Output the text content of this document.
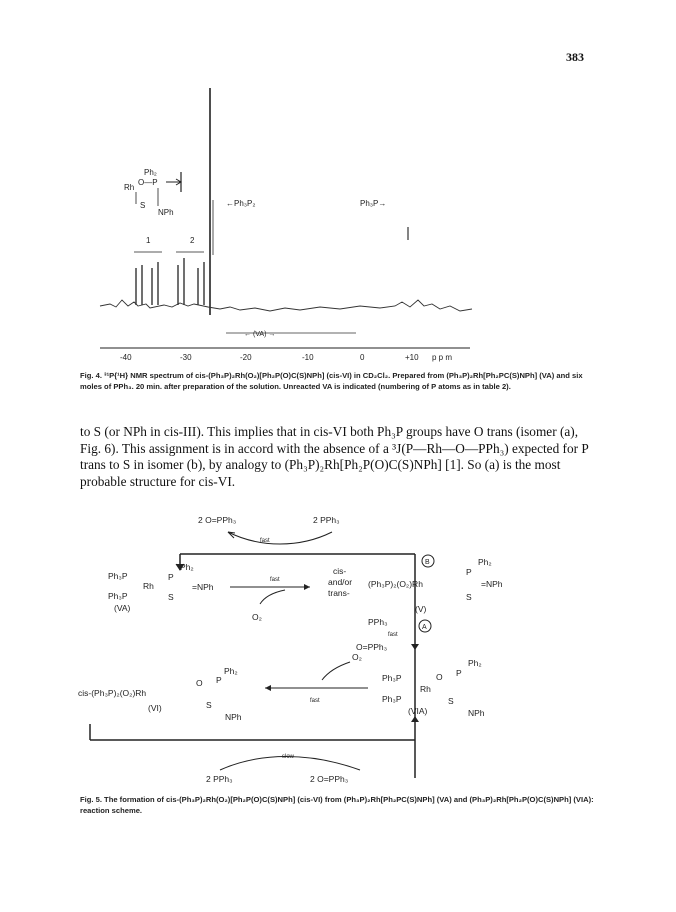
383
Ph₂
Rh
O—P
S
NPh
←Ph₃P₂	Ph₃P→
1	2
← (VA) →
-40	-30	-20	-10	0	+10 p p m
Fig. 4. ³¹P{¹H} NMR spectrum of cis-(Ph₃P)₂Rh(O₂)[Ph₂P(O)C(S)NPh] (cis-VI) in CD₂Cl₂. Prepared from (Ph₃P)₂Rh[Ph₂PC(S)NPh] (VA) and six moles of PPh₃. 20 min. after preparation of the solution. Unreacted VA is indicated (numbering of P atoms as in table 2).

to S (or NPh in cis-III). This implies that in cis-VI both Ph₃P groups have O trans (isomer (a), Fig. 6). This assignment is in accord with the absence of a ³J(P—Rh—O—PPh₃) expected for P trans to S in isomer (b), by analogy to (Ph₃P)₂Rh[Ph₂P(O)C(S)NPh] [1]. So (a) is the most probable structure for cis-VI.

2 O=PPh₃	2 PPh₃
fast
B
Ph₃P
Ph₃P
Rh
P
Ph₂
S
=NPh
(VA)
fast
O₂
cis-
and/or
trans-
(Ph₃P)₂(O₂)Rh
P
Ph₂
S
=NPh
(V)
PPh₃
A
fast
O=PPh₃
cis-(Ph₃P)₂(O₂)Rh
O P
Ph₂
S
NPh
(VI)
fast
O₂
Ph₃P
Ph₃P
Rh
O P
Ph₂
S
NPh
(VIA)
slow
2 PPh₃	2 O=PPh₃
Fig. 5. The formation of cis-(Ph₃P)₂Rh(O₂)[Ph₂P(O)C(S)NPh] (cis-VI) from (Ph₃P)₂Rh[Ph₂PC(S)NPh] (VA) and (Ph₃P)₂Rh[Ph₂P(O)C(S)NPh] (VIA): reaction scheme.
